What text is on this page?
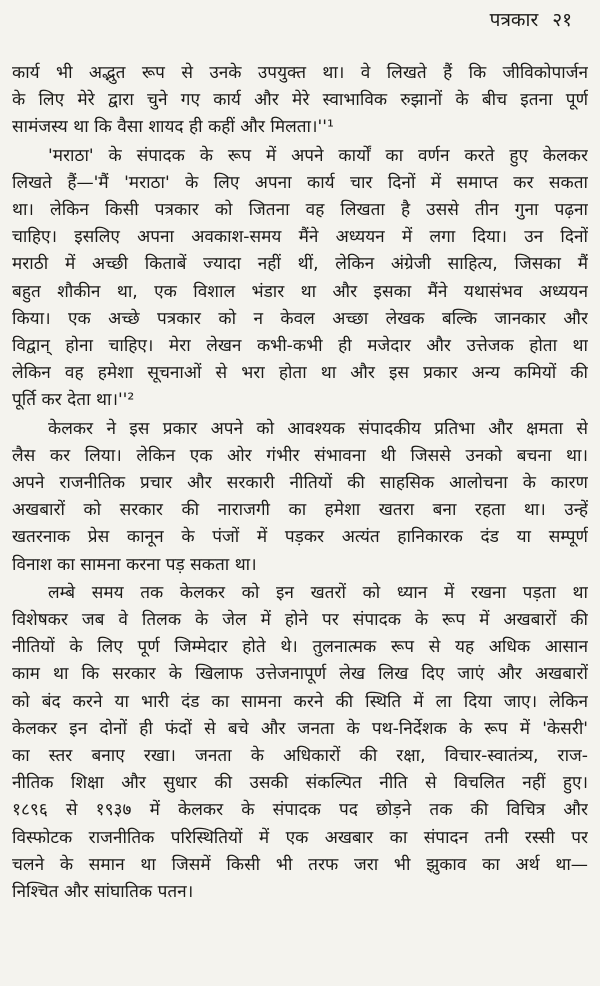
पत्रकार २१

कार्य भी अद्भुत रूप से उनके उपयुक्त था। वे लिखते हैं कि जीविकोपार्जन
के लिए मेरे द्वारा चुने गए कार्य और मेरे स्वाभाविक रुझानों के बीच इतना पूर्ण
सामंजस्य था कि वैसा शायद ही कहीं और मिलता।''¹

'मराठा' के संपादक के रूप में अपने कार्यों का वर्णन करते हुए केलकर
लिखते हैं—'मैं 'मराठा' के लिए अपना कार्य चार दिनों में समाप्त कर सकता
था। लेकिन किसी पत्रकार को जितना वह लिखता है उससे तीन गुना पढ़ना
चाहिए। इसलिए अपना अवकाश-समय मैंने अध्ययन में लगा दिया। उन दिनों
मराठी में अच्छी किताबें ज्यादा नहीं थीं, लेकिन अंग्रेजी साहित्य, जिसका मैं
बहुत शौकीन था, एक विशाल भंडार था और इसका मैंने यथासंभव अध्ययन
किया। एक अच्छे पत्रकार को न केवल अच्छा लेखक बल्कि जानकार और
विद्वान् होना चाहिए। मेरा लेखन कभी-कभी ही मजेदार और उत्तेजक होता था
लेकिन वह हमेशा सूचनाओं से भरा होता था और इस प्रकार अन्य कमियों की
पूर्ति कर देता था।''²

केलकर ने इस प्रकार अपने को आवश्यक संपादकीय प्रतिभा और क्षमता से
लैस कर लिया। लेकिन एक ओर गंभीर संभावना थी जिससे उनको बचना था।
अपने राजनीतिक प्रचार और सरकारी नीतियों की साहसिक आलोचना के कारण
अखबारों को सरकार की नाराजगी का हमेशा खतरा बना रहता था। उन्हें
खतरनाक प्रेस कानून के पंजों में पड़कर अत्यंत हानिकारक दंड या सम्पूर्ण
विनाश का सामना करना पड़ सकता था।

लम्बे समय तक केलकर को इन खतरों को ध्यान में रखना पड़ता था
विशेषकर जब वे तिलक के जेल में होने पर संपादक के रूप में अखबारों की
नीतियों के लिए पूर्ण जिम्मेदार होते थे। तुलनात्मक रूप से यह अधिक आसान
काम था कि सरकार के खिलाफ उत्तेजनापूर्ण लेख लिख दिए जाएं और अखबारों
को बंद करने या भारी दंड का सामना करने की स्थिति में ला दिया जाए। लेकिन
केलकर इन दोनों ही फंदों से बचे और जनता के पथ-निर्देशक के रूप में 'केसरी'
का स्तर बनाए रखा। जनता के अधिकारों की रक्षा, विचार-स्वातंत्र्य, राज-
नीतिक शिक्षा और सुधार की उसकी संकल्पित नीति से विचलित नहीं हुए।
१८९६ से १९३७ में केलकर के संपादक पद छोड़ने तक की विचित्र और
विस्फोटक राजनीतिक परिस्थितियों में एक अखबार का संपादन तनी रस्सी पर
चलने के समान था जिसमें किसी भी तरफ जरा भी झुकाव का अर्थ था—
निश्चित और सांघातिक पतन।
